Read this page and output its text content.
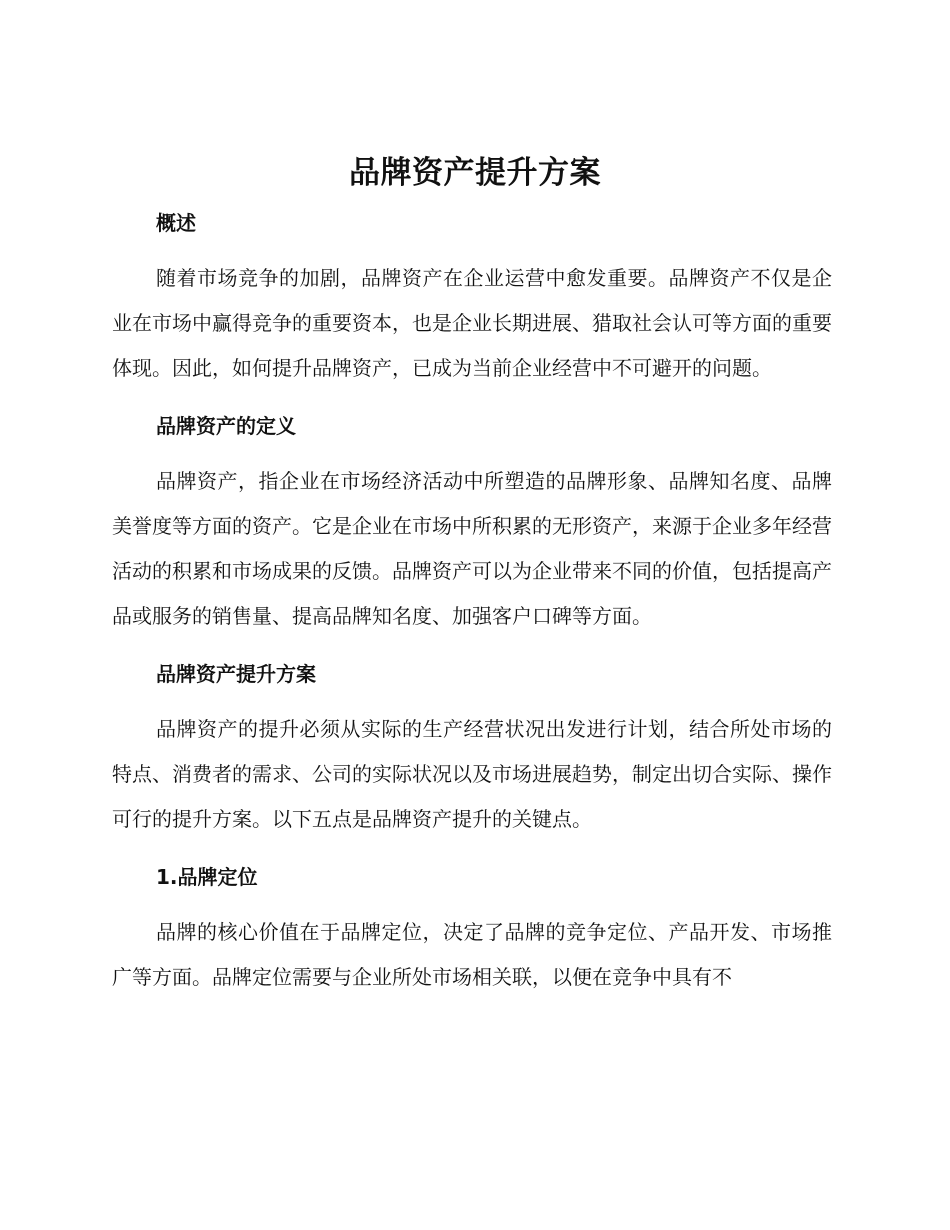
品牌资产提升方案
概述

随着市场竞争的加剧，品牌资产在企业运营中愈发重要。品牌资产不仅是企业在市场中赢得竞争的重要资本，也是企业长期进展、猎取社会认可等方面的重要体现。因此，如何提升品牌资产，已成为当前企业经营中不可避开的问题。

品牌资产的定义

品牌资产，指企业在市场经济活动中所塑造的品牌形象、品牌知名度、品牌美誉度等方面的资产。它是企业在市场中所积累的无形资产，来源于企业多年经营活动的积累和市场成果的反馈。品牌资产可以为企业带来不同的价值，包括提高产品或服务的销售量、提高品牌知名度、加强客户口碑等方面。

品牌资产提升方案

品牌资产的提升必须从实际的生产经营状况出发进行计划，结合所处市场的特点、消费者的需求、公司的实际状况以及市场进展趋势，制定出切合实际、操作可行的提升方案。以下五点是品牌资产提升的关键点。

1.品牌定位

品牌的核心价值在于品牌定位，决定了品牌的竞争定位、产品开发、市场推广等方面。品牌定位需要与企业所处市场相关联，以便在竞争中具有不
